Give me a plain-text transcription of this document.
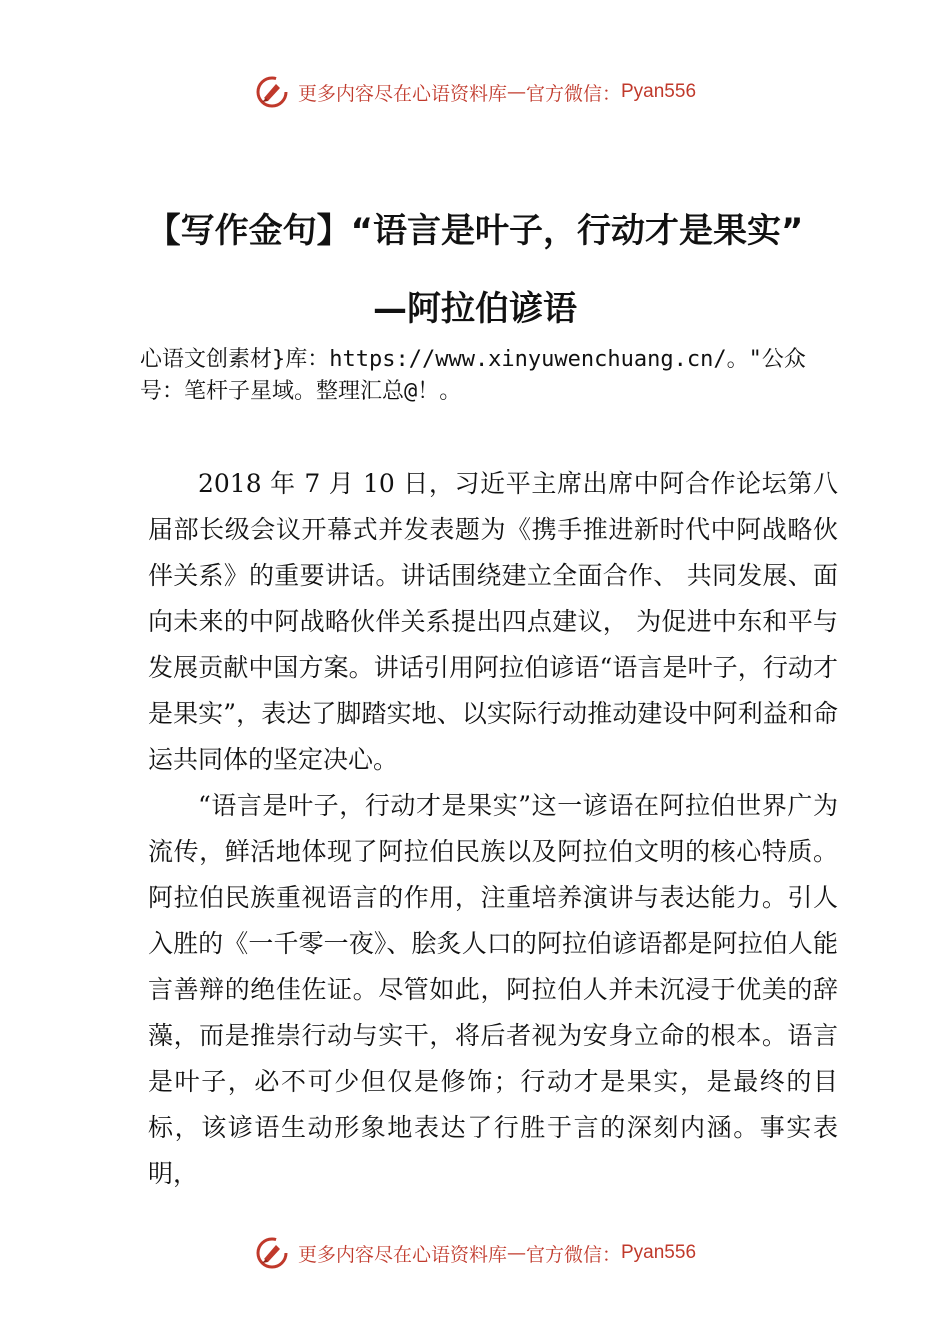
更多内容尽在心语资料库 — 官方微信： Pyan556
【写作金句】“语言是叶子，行动才是果实”
—阿拉伯谚语
心语文创素材}库：https://www.xinyuwenchuang.cn/。"公众号：笔杆子星域。整理汇总@！。

2018 年 7 月 10 日，习近平主席出席中阿合作论坛第八届部长级会议开幕式并发表题为《携手推进新时代中阿战略伙伴关系》的重要讲话。讲话围绕建立全面合作、 共同发展、面向未来的中阿战略伙伴关系提出四点建议， 为促进中东和平与发展贡献中国方案。讲话引用阿拉伯谚语“语言是叶子，行动才是果实”，表达了脚踏实地、以实际行动推动建设中阿利益和命运共同体的坚定决心。

“语言是叶子，行动才是果实”这一谚语在阿拉伯世界广为流传，鲜活地体现了阿拉伯民族以及阿拉伯文明的核心特质。阿拉伯民族重视语言的作用，注重培养演讲与表达能力。引人入胜的《一千零一夜》、脍炙人口的阿拉伯谚语都是阿拉伯人能言善辩的绝佳佐证。尽管如此，阿拉伯人并未沉浸于优美的辞藻，而是推崇行动与实干，将后者视为安身立命的根本。语言是叶子，必不可少但仅是修饰；行动才是果实，是最终的目标，该谚语生动形象地表达了行胜于言的深刻内涵。事实表明，

更多内容尽在心语资料库 — 官方微信： Pyan556
